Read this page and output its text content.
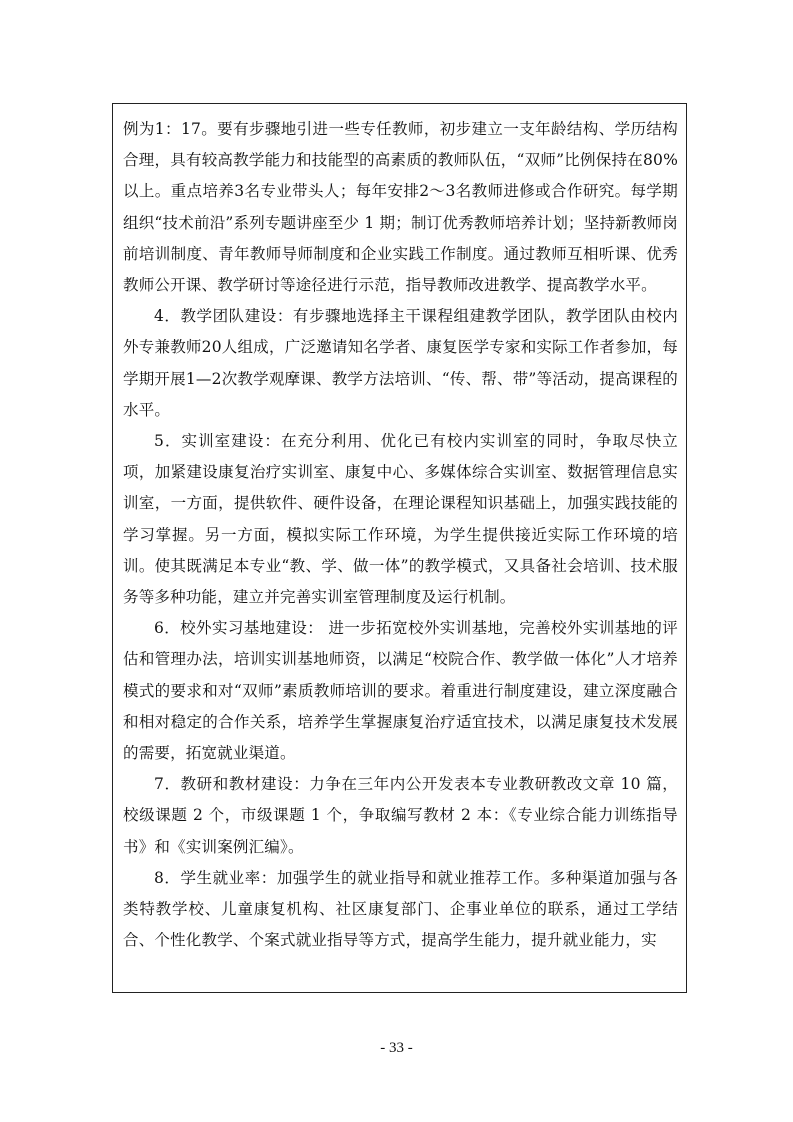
例为1：17。要有步骤地引进一些专任教师，初步建立一支年龄结构、学历结构合理，具有较高教学能力和技能型的高素质的教师队伍，“双师”比例保持在80%以上。重点培养3名专业带头人；每年安排2～3名教师进修或合作研究。每学期组织“技术前沿”系列专题讲座至少 1 期；制订优秀教师培养计划；坚持新教师岗前培训制度、青年教师导师制度和企业实践工作制度。通过教师互相听课、优秀教师公开课、教学研讨等途径进行示范，指导教师改进教学、提高教学水平。

4．教学团队建设：有步骤地选择主干课程组建教学团队，教学团队由校内外专兼教师20人组成，广泛邀请知名学者、康复医学专家和实际工作者参加，每学期开展1—2次教学观摩课、教学方法培训、“传、帮、带”等活动，提高课程的水平。

5．实训室建设：在充分利用、优化已有校内实训室的同时，争取尽快立项，加紧建设康复治疗实训室、康复中心、多媒体综合实训室、数据管理信息实训室，一方面，提供软件、硬件设备，在理论课程知识基础上，加强实践技能的学习掌握。另一方面，模拟实际工作环境，为学生提供接近实际工作环境的培训。使其既满足本专业“教、学、做一体”的教学模式，又具备社会培训、技术服务等多种功能，建立并完善实训室管理制度及运行机制。

6．校外实习基地建设： 进一步拓宽校外实训基地，完善校外实训基地的评估和管理办法，培训实训基地师资，以满足“校院合作、教学做一体化”人才培养模式的要求和对“双师”素质教师培训的要求。着重进行制度建设，建立深度融合和相对稳定的合作关系，培养学生掌握康复治疗适宜技术，以满足康复技术发展的需要，拓宽就业渠道。

7．教研和教材建设：力争在三年内公开发表本专业教研教改文章 10 篇，校级课题 2 个，市级课题 1 个，争取编写教材 2 本：《专业综合能力训练指导书》和《实训案例汇编》。

8．学生就业率：加强学生的就业指导和就业推荐工作。多种渠道加强与各类特教学校、儿童康复机构、社区康复部门、企事业单位的联系，通过工学结合、个性化教学、个案式就业指导等方式，提高学生能力，提升就业能力，实

- 33 -
